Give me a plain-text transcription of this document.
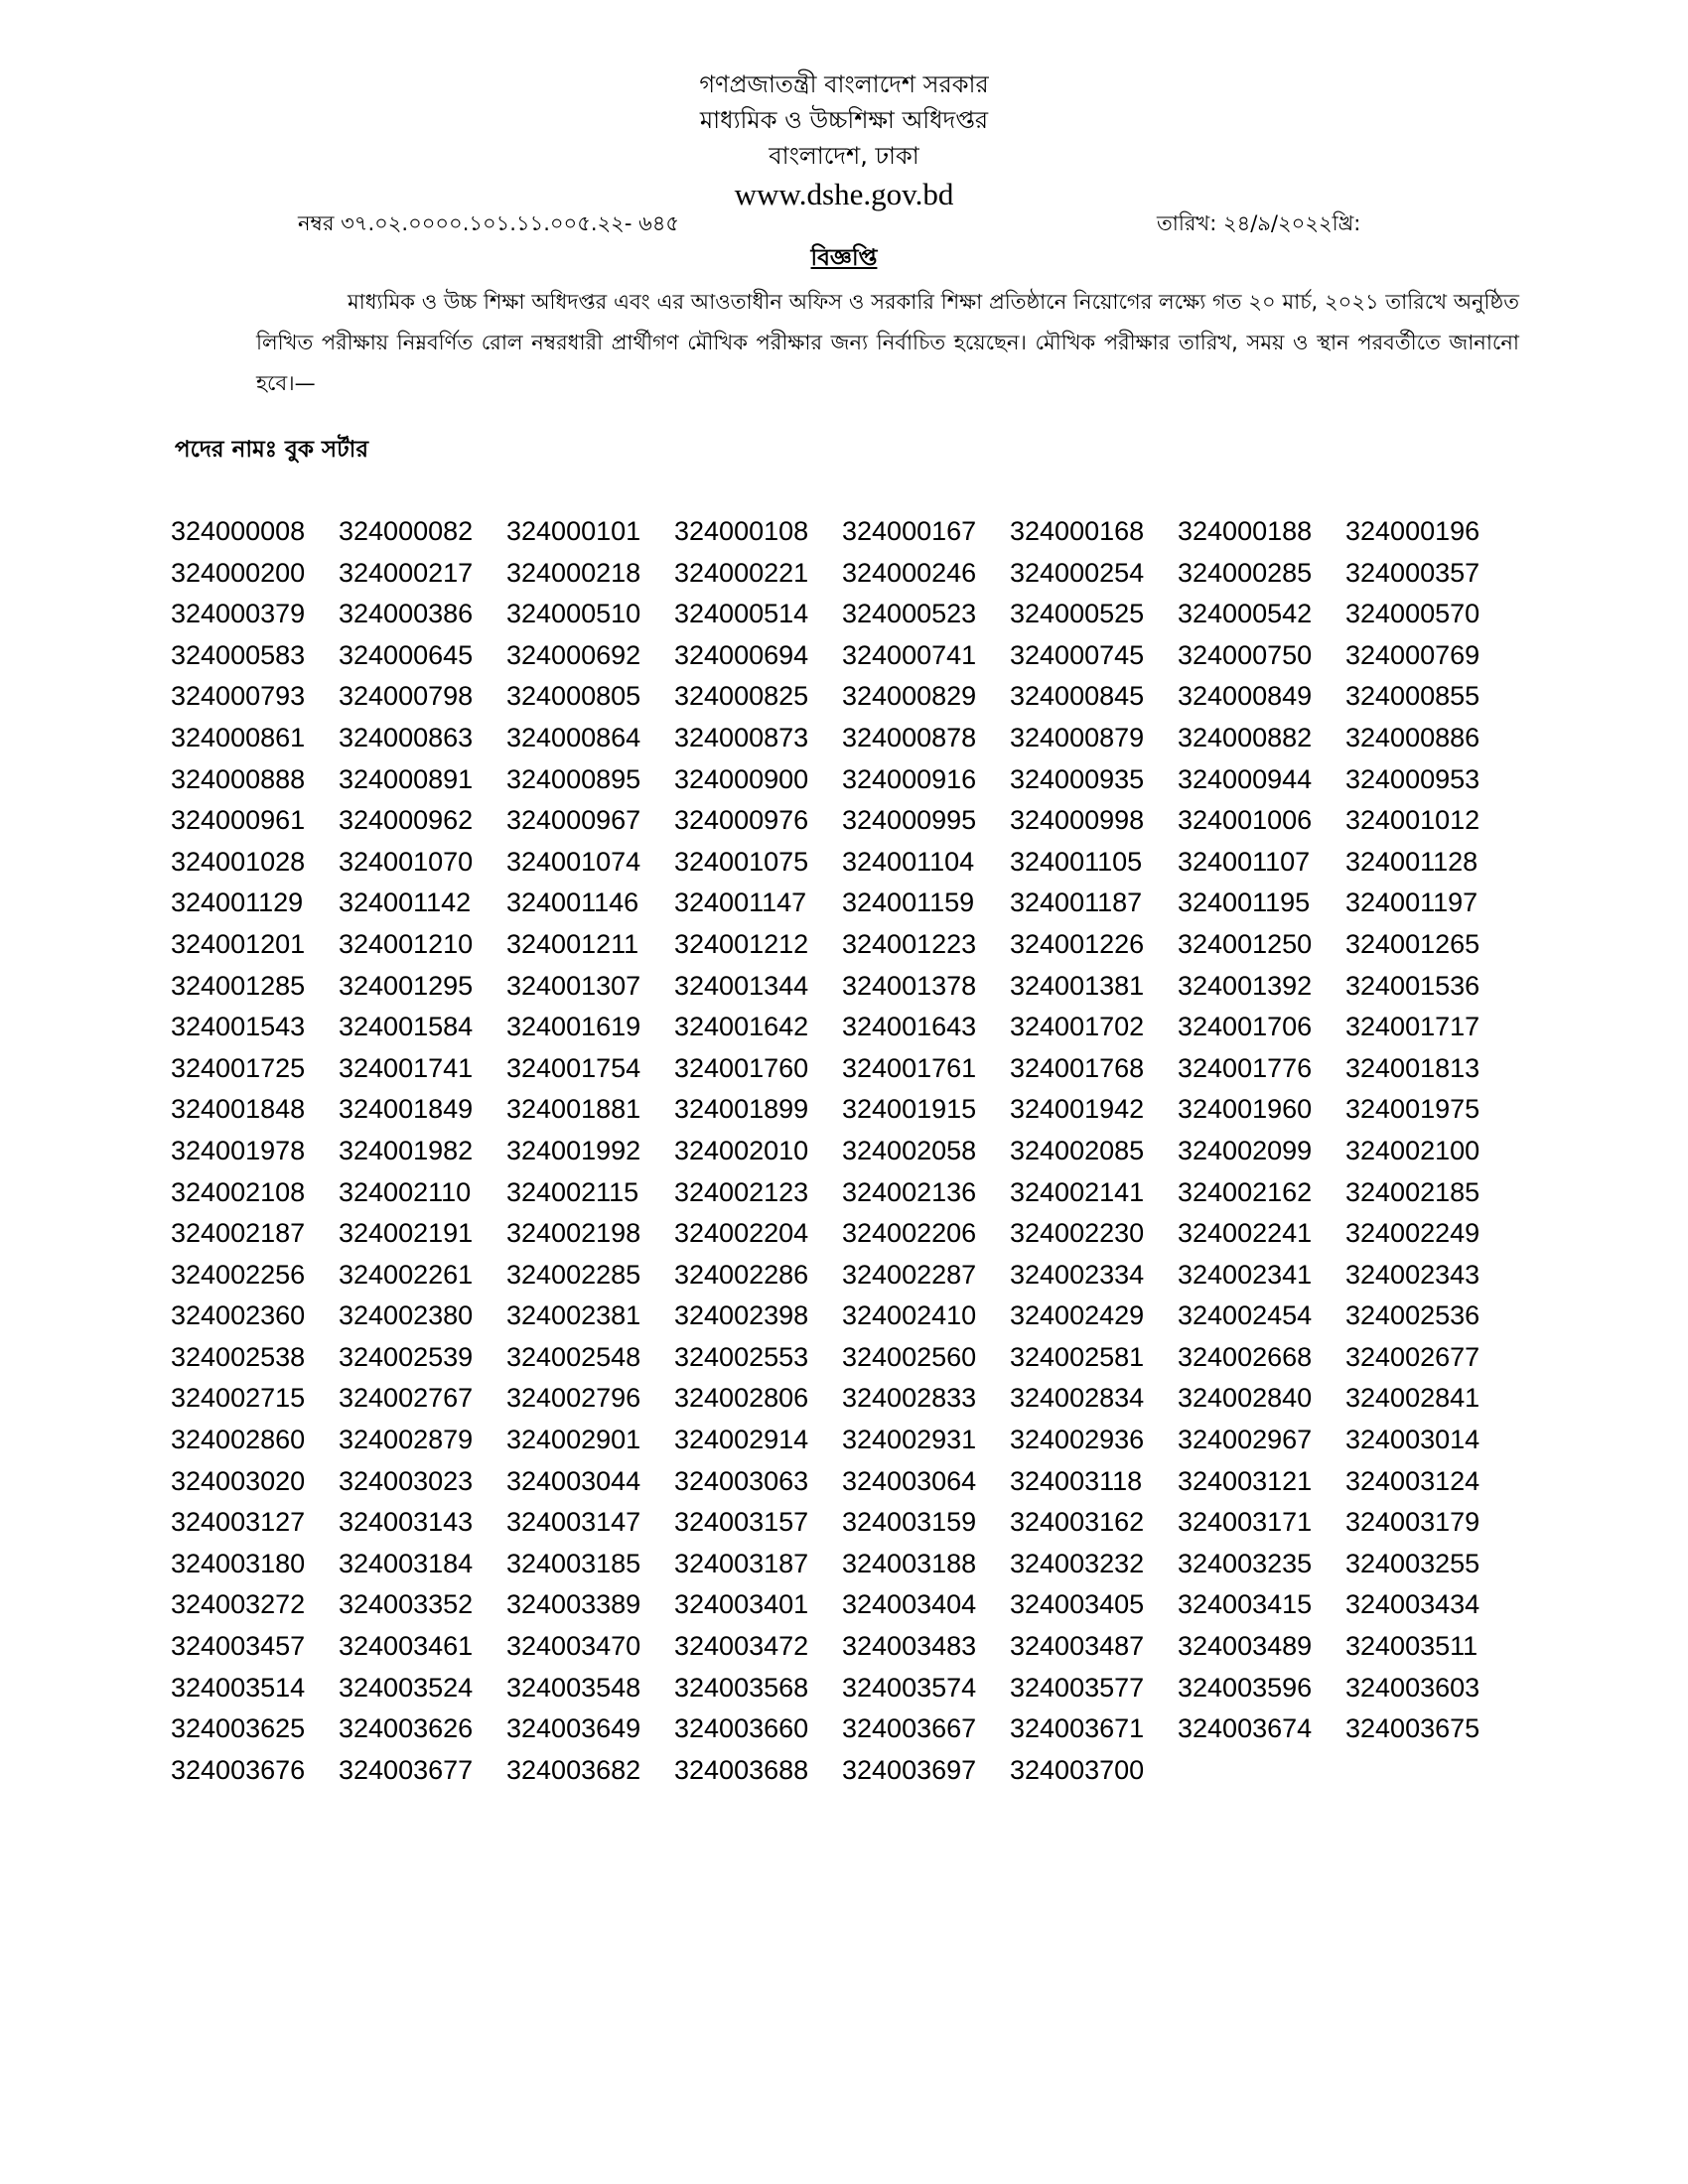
গণপ্রজাতন্ত্রী বাংলাদেশ সরকার
মাধ্যমিক ও উচ্চশিক্ষা অধিদপ্তর
বাংলাদেশ, ঢাকা
www.dshe.gov.bd
নম্বর ৩৭.০২.০০০০.১০১.১১.০০৫.২২- ৬৪৫	তারিখ: ২৪/৯/২০২২খ্রি:
বিজ্ঞপ্তি
মাধ্যমিক ও উচ্চ শিক্ষা অধিদপ্তর এবং এর আওতাধীন অফিস ও সরকারি শিক্ষা প্রতিষ্ঠানে নিয়োগের লক্ষ্যে গত ২০ মার্চ, ২০২১ তারিখে অনুষ্ঠিত লিখিত পরীক্ষায় নিম্নবর্ণিত রোল নম্বরধারী প্রার্থীগণ মৌখিক পরীক্ষার জন্য নির্বাচিত হয়েছেন। মৌখিক পরীক্ষার তারিখ, সময় ও স্থান পরবর্তীতে জানানো হবে।—
পদের নামঃ বুক সর্টার
324000008	324000082	324000101	324000108	324000167	324000168	324000188	324000196
324000200	324000217	324000218	324000221	324000246	324000254	324000285	324000357
324000379	324000386	324000510	324000514	324000523	324000525	324000542	324000570
324000583	324000645	324000692	324000694	324000741	324000745	324000750	324000769
324000793	324000798	324000805	324000825	324000829	324000845	324000849	324000855
324000861	324000863	324000864	324000873	324000878	324000879	324000882	324000886
324000888	324000891	324000895	324000900	324000916	324000935	324000944	324000953
324000961	324000962	324000967	324000976	324000995	324000998	324001006	324001012
324001028	324001070	324001074	324001075	324001104	324001105	324001107	324001128
324001129	324001142	324001146	324001147	324001159	324001187	324001195	324001197
324001201	324001210	324001211	324001212	324001223	324001226	324001250	324001265
324001285	324001295	324001307	324001344	324001378	324001381	324001392	324001536
324001543	324001584	324001619	324001642	324001643	324001702	324001706	324001717
324001725	324001741	324001754	324001760	324001761	324001768	324001776	324001813
324001848	324001849	324001881	324001899	324001915	324001942	324001960	324001975
324001978	324001982	324001992	324002010	324002058	324002085	324002099	324002100
324002108	324002110	324002115	324002123	324002136	324002141	324002162	324002185
324002187	324002191	324002198	324002204	324002206	324002230	324002241	324002249
324002256	324002261	324002285	324002286	324002287	324002334	324002341	324002343
324002360	324002380	324002381	324002398	324002410	324002429	324002454	324002536
324002538	324002539	324002548	324002553	324002560	324002581	324002668	324002677
324002715	324002767	324002796	324002806	324002833	324002834	324002840	324002841
324002860	324002879	324002901	324002914	324002931	324002936	324002967	324003014
324003020	324003023	324003044	324003063	324003064	324003118	324003121	324003124
324003127	324003143	324003147	324003157	324003159	324003162	324003171	324003179
324003180	324003184	324003185	324003187	324003188	324003232	324003235	324003255
324003272	324003352	324003389	324003401	324003404	324003405	324003415	324003434
324003457	324003461	324003470	324003472	324003483	324003487	324003489	324003511
324003514	324003524	324003548	324003568	324003574	324003577	324003596	324003603
324003625	324003626	324003649	324003660	324003667	324003671	324003674	324003675
324003676	324003677	324003682	324003688	324003697	324003700
